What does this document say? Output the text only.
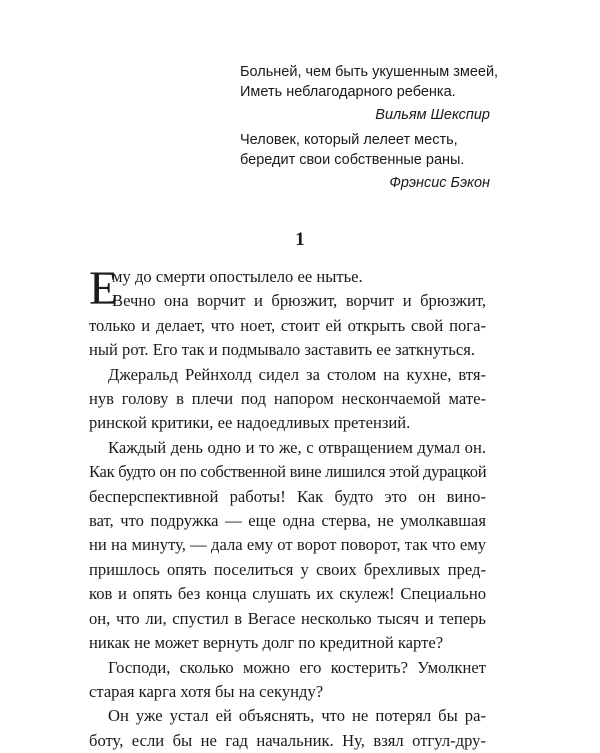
Больней, чем быть укушенным змеей,
Иметь неблагодарного ребенка.
Вильям Шекспир
Человек, который лелеет месть,
бередит свои собственные раны.
Фрэнсис Бэкон
1
Е
му до смерти опостылело ее нытье.
Вечно она ворчит и брюзжит, ворчит и брюзжит,
только и делает, что ноет, стоит ей открыть свой пога-
ный рот. Его так и подмывало заставить ее заткнуться.
Джеральд Рейнхолд сидел за столом на кухне, втя-
нув голову в плечи под напором нескончаемой мате-
ринской критики, ее надоедливых претензий.
Каждый день одно и то же, с отвращением думал он.
Как будто он по собственной вине лишился этой дурацкой
бесперспективной работы! Как будто это он вино-
ват, что подружка — еще одна стерва, не умолкавшая
ни на минуту, — дала ему от ворот поворот, так что ему
пришлось опять поселиться у своих брехливых пред-
ков и опять без конца слушать их скулеж! Специально
он, что ли, спустил в Вегасе несколько тысяч и теперь
никак не может вернуть долг по кредитной карте?
Господи, сколько можно его костерить? Умолкнет
старая карга хотя бы на секунду?
Он уже устал ей объяснять, что не потерял бы ра-
боту, если бы не гад начальник. Ну, взял отгул-дру-
